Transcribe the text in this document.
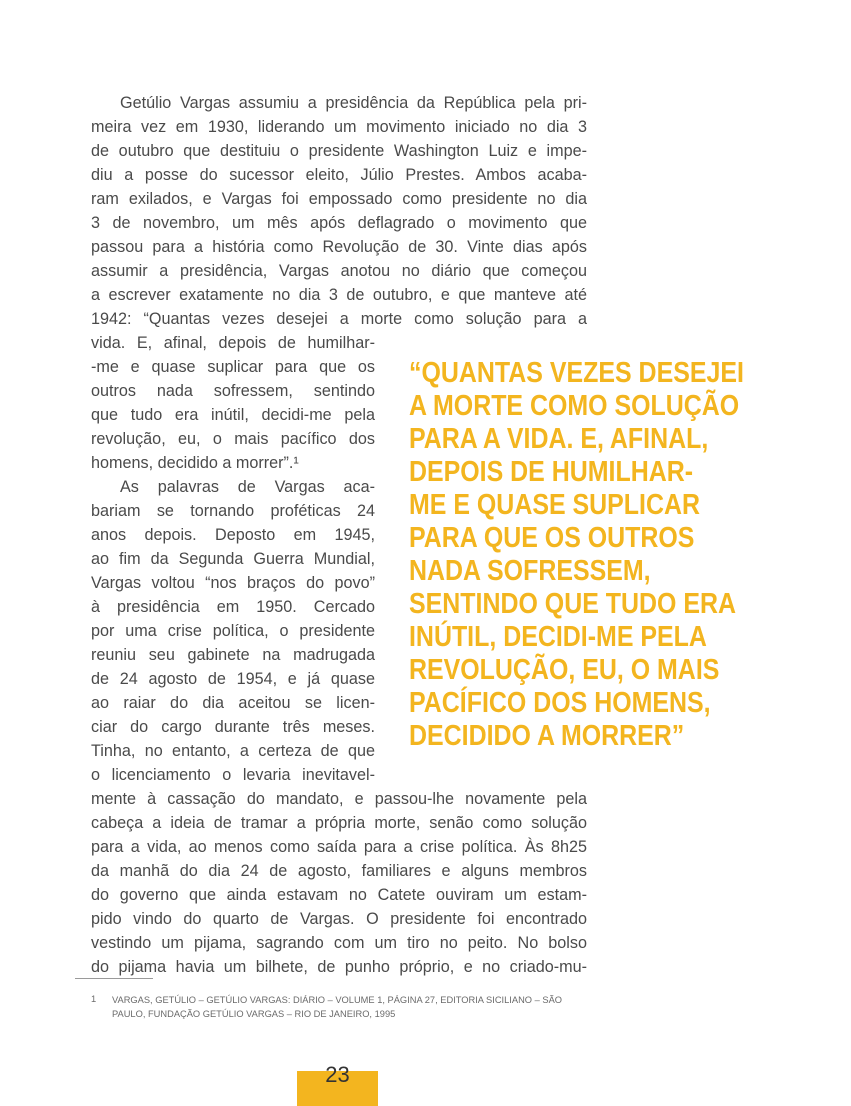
Getúlio Vargas assumiu a presidência da República pela pri-
meira vez em 1930, liderando um movimento iniciado no dia 3
de outubro que destituiu o presidente Washington Luiz e impe-
diu a posse do sucessor eleito, Júlio Prestes. Ambos acaba-
ram exilados, e Vargas foi empossado como presidente no dia
3 de novembro, um mês após deflagrado o movimento que
passou para a história como Revolução de 30. Vinte dias após
assumir a presidência, Vargas anotou no diário que começou
a escrever exatamente no dia 3 de outubro, e que manteve até
1942: “Quantas vezes desejei a morte como solução para a
vida. E, afinal, depois de humilhar-
-me e quase suplicar para que os
outros nada sofressem, sentindo
que tudo era inútil, decidi-me pela
revolução, eu, o mais pacífico dos
homens, decidido a morrer”.¹
As palavras de Vargas aca-
bariam se tornando proféticas 24
anos depois. Deposto em 1945,
ao fim da Segunda Guerra Mundial,
Vargas voltou “nos braços do povo”
à presidência em 1950. Cercado
por uma crise política, o presidente
reuniu seu gabinete na madrugada
de 24 agosto de 1954, e já quase
ao raiar do dia aceitou se licen-
ciar do cargo durante três meses.
Tinha, no entanto, a certeza de que
o licenciamento o levaria inevitavel-
mente à cassação do mandato, e passou-lhe novamente pela
cabeça a ideia de tramar a própria morte, senão como solução
para a vida, ao menos como saída para a crise política. Às 8h25
da manhã do dia 24 de agosto, familiares e alguns membros
do governo que ainda estavam no Catete ouviram um estam-
pido vindo do quarto de Vargas. O presidente foi encontrado
vestindo um pijama, sagrando com um tiro no peito. No bolso
do pijama havia um bilhete, de punho próprio, e no criado-mu-
“QUANTAS VEZES DESEJEI
A MORTE COMO SOLUÇÃO
PARA A VIDA. E, AFINAL,
DEPOIS DE HUMILHAR-
ME E QUASE SUPLICAR
PARA QUE OS OUTROS
NADA SOFRESSEM,
SENTINDO QUE TUDO ERA
INÚTIL, DECIDI-ME PELA
REVOLUÇÃO, EU, O MAIS
PACÍFICO DOS HOMENS,
DECIDIDO A MORRER”
1 VARGAS, GETÚLIO – GETÚLIO VARGAS: DIÁRIO – VOLUME 1, PÁGINA 27, EDITORIA SICILIANO – SÃO
PAULO, FUNDAÇÃO GETÚLIO VARGAS – RIO DE JANEIRO, 1995
23
